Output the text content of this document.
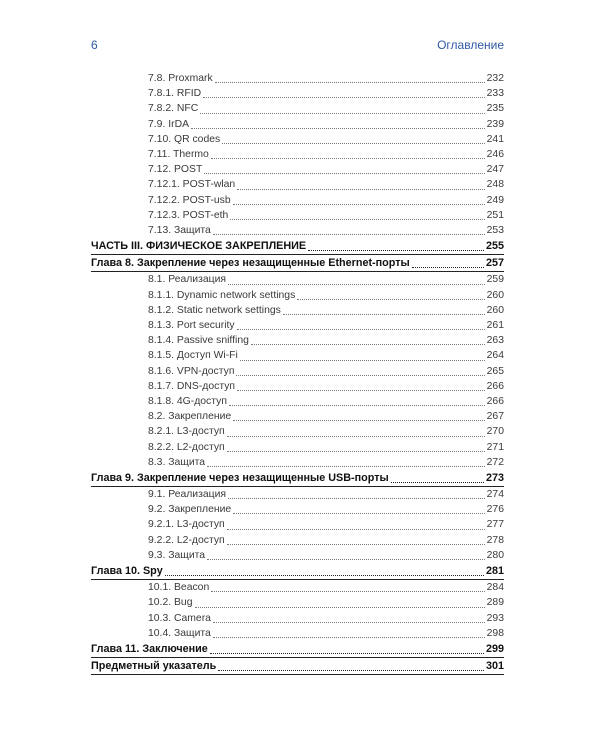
6	Оглавление
7.8. Proxmark	232
7.8.1. RFID	233
7.8.2. NFC	235
7.9. IrDA	239
7.10. QR codes	241
7.11. Thermo	246
7.12. POST	247
7.12.1. POST-wlan	248
7.12.2. POST-usb	249
7.12.3. POST-eth	251
7.13. Защита	253
ЧАСТЬ III. ФИЗИЧЕСКОЕ ЗАКРЕПЛЕНИЕ	255
Глава 8. Закрепление через незащищенные Ethernet-порты	257
8.1. Реализация	259
8.1.1. Dynamic network settings	260
8.1.2. Static network settings	260
8.1.3. Port security	261
8.1.4. Passive sniffing	263
8.1.5. Доступ Wi-Fi	264
8.1.6. VPN-доступ	265
8.1.7. DNS-доступ	266
8.1.8. 4G-доступ	266
8.2. Закрепление	267
8.2.1. L3-доступ	270
8.2.2. L2-доступ	271
8.3. Защита	272
Глава 9. Закрепление через незащищенные USB-порты	273
9.1. Реализация	274
9.2. Закрепление	276
9.2.1. L3-доступ	277
9.2.2. L2-доступ	278
9.3. Защита	280
Глава 10. Spy	281
10.1. Beacon	284
10.2. Bug	289
10.3. Camera	293
10.4. Защита	298
Глава 11. Заключение	299
Предметный указатель	301
